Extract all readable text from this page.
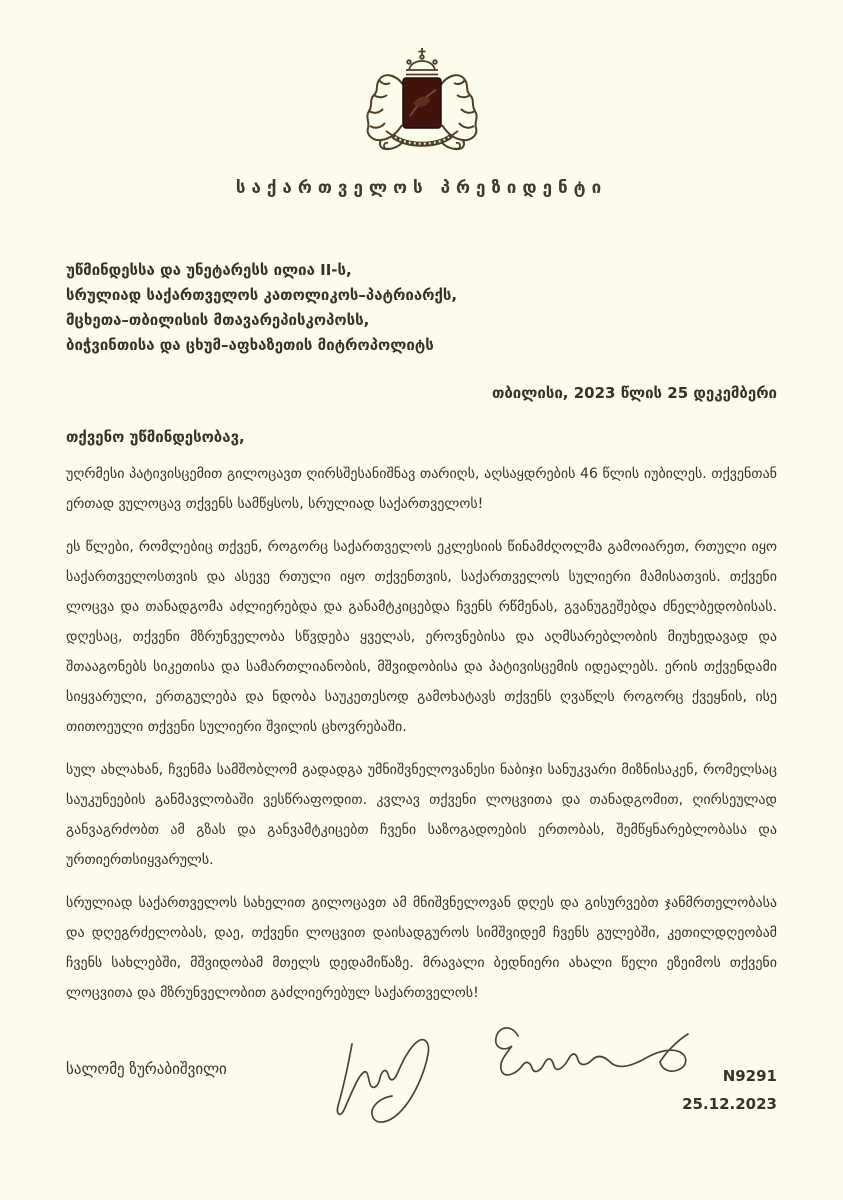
საქართველოს პრეზიდენტი
უწმინდესსა და უნეტარესს ილია II-ს,
სრულიად საქართველოს კათოლიკოს–პატრიარქს,
მცხეთა–თბილისის მთავარეპისკოპოსს,
ბიჭვინთისა და ცხუმ–აფხაზეთის მიტროპოლიტს
თბილისი, 2023 წლის 25 დეკემბერი
თქვენო უწმინდესობავ,

უღრმესი პატივისცემით გილოცავთ ღირსშესანიშნავ თარიღს, აღსაყდრების 46 წლის იუბილეს. თქვენთან ერთად ვულოცავ თქვენს სამწყსოს, სრულიად საქართველოს!

ეს წლები, რომლებიც თქვენ, როგორც საქართველოს ეკლესიის წინამძღოლმა გამოიარეთ, რთული იყო საქართველოსთვის და ასევე რთული იყო თქვენთვის, საქართველოს სულიერი მამისათვის. თქვენი ლოცვა და თანადგომა აძლიერებდა და განამტკიცებდა ჩვენს რწმენას, გვანუგეშებდა ძნელბედობისას. დღესაც, თქვენი მზრუნველობა სწვდება ყველას, ეროვნებისა და აღმსარებლობის მიუხედავად და შთააგონებს სიკეთისა და სამართლიანობის, მშვიდობისა და პატივისცემის იდეალებს. ერის თქვენდამი სიყვარული, ერთგულება და ნდობა საუკეთესოდ გამოხატავს თქვენს ღვაწლს როგორც ქვეყნის, ისე თითოეული თქვენი სულიერი შვილის ცხოვრებაში.

სულ ახლახან, ჩვენმა სამშობლომ გადადგა უმნიშვნელოვანესი ნაბიჯი სანუკვარი მიზნისაკენ, რომელსაც საუკუნეების განმავლობაში ვესწრაფოდით. კვლავ თქვენი ლოცვითა და თანადგომით, ღირსეულად განვაგრძობთ ამ გზას და განვამტკიცებთ ჩვენი საზოგადოების ერთობას, შემწყნარებლობასა და ურთიერთსიყვარულს.

სრულიად საქართველოს სახელით გილოცავთ ამ მნიშვნელოვან დღეს და გისურვებთ ჯანმრთელობასა და დღეგრძელობას, დაე, თქვენი ლოცვით დაისადგუროს სიმშვიდემ ჩვენს გულებში, კეთილდღეობამ ჩვენს სახლებში, მშვიდობამ მთელს დედამიწაზე. მრავალი ბედნიერი ახალი წელი ეზეიმოს თქვენი ლოცვითა და მზრუნველობით გაძლიერებულ საქართველოს!

სალომე ზურაბიშვილი	N9291
25.12.2023
